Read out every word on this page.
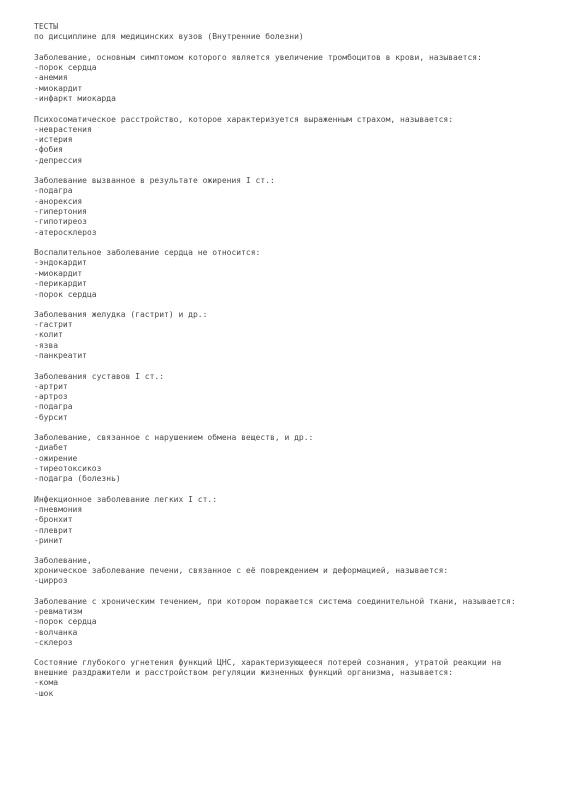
ТЕСТЫ
по дисциплине для медицинских вузов (Внутренние болезни)
Заболевание, основным симптомом которого является увеличение тромбоцитов в крови, называется:
-порок сердца
-анемия
-миокардит
-инфаркт миокарда
Психосоматическое расстройство, которое характеризуется выраженным страхом, называется:
-неврастения
-истерия
-фобия
-депрессия
Заболевание вызванное в результате ожирения I ст.:
-подагра
-анорексия
-гипертония
-гипотиреоз
-атеросклероз
Воспалительное заболевание сердца не относится:
-эндокардит
-миокардит
-перикардит
-порок сердца
Заболевания желудка (гастрит) и др.:
-гастрит
-колит
-язва
-панкреатит
Заболевания суставов I ст.:
-артрит
-артроз
-подагра
-бурсит
Заболевание, связанное с нарушением обмена веществ, и др.:
-диабет
-ожирение
-тиреотоксикоз
-подагра (болезнь)
Инфекционное заболевание легких I ст.:
-пневмония
-бронхит
-плеврит
-ринит
Заболевание,
хроническое заболевание печени, связанное с её повреждением и деформацией, называется:
-цирроз
Заболевание с хроническим течением, при котором поражается система соединительной ткани, называется:
-ревматизм
-порок сердца
-волчанка
-склероз
Состояние глубокого угнетения функций ЦНС, характеризующееся потерей сознания, утратой реакции на внешние раздражители и расстройством регуляции жизненных функций организма, называется:
-кома
-шок
